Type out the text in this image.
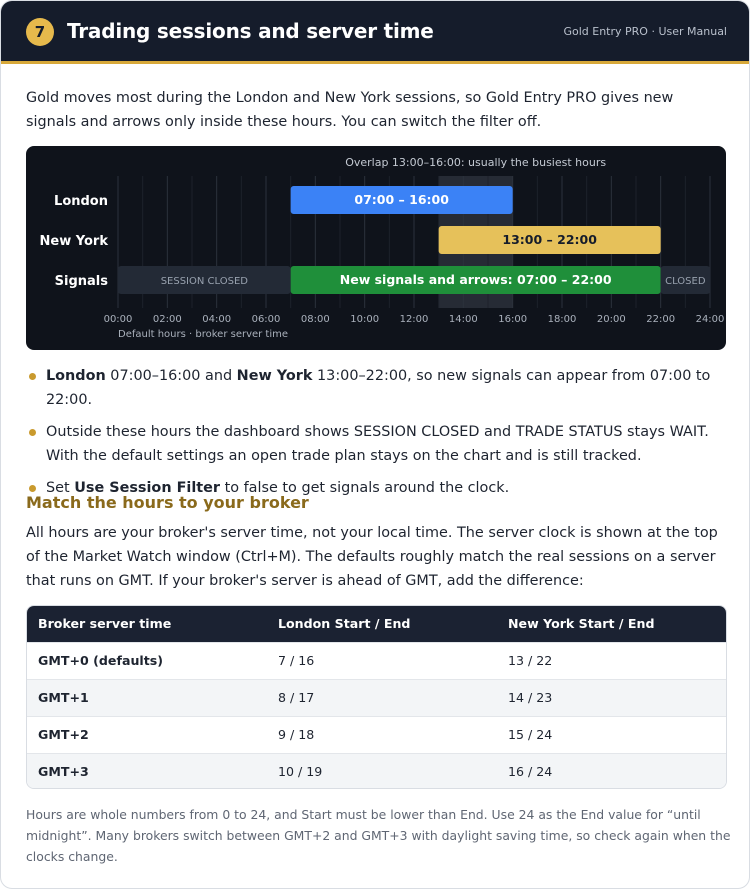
7	Trading sessions and server time	Gold Entry PRO · User Manual

Gold moves most during the London and New York sessions, so Gold Entry PRO gives new signals and arrows only inside these hours. You can switch the filter off.

Overlap 13:00–16:00: usually the busiest hours
London	07:00 – 16:00
New York	13:00 – 22:00
Signals	SESSION CLOSED	New signals and arrows: 07:00 – 22:00	CLOSED
00:00 02:00 04:00 06:00 08:00 10:00 12:00 14:00 16:00 18:00 20:00 22:00 24:00
Default hours · broker server time
London 07:00–16:00 and New York 13:00–22:00, so new signals can appear from 07:00 to 22:00.
Outside these hours the dashboard shows SESSION CLOSED and TRADE STATUS stays WAIT. With the default settings an open trade plan stays on the chart and is still tracked.
Set Use Session Filter to false to get signals around the clock.
Match the hours to your broker

All hours are your broker's server time, not your local time. The server clock is shown at the top of the Market Watch window (Ctrl+M). The defaults roughly match the real sessions on a server that runs on GMT. If your broker's server is ahead of GMT, add the difference:

Broker server time	London Start / End	New York Start / End
GMT+0 (defaults)	7 / 16	13 / 22
GMT+1	8 / 17	14 / 23
GMT+2	9 / 18	15 / 24
GMT+3	10 / 19	16 / 24

Hours are whole numbers from 0 to 24, and Start must be lower than End. Use 24 as the End value for “until midnight”. Many brokers switch between GMT+2 and GMT+3 with daylight saving time, so check again when the clocks change.
